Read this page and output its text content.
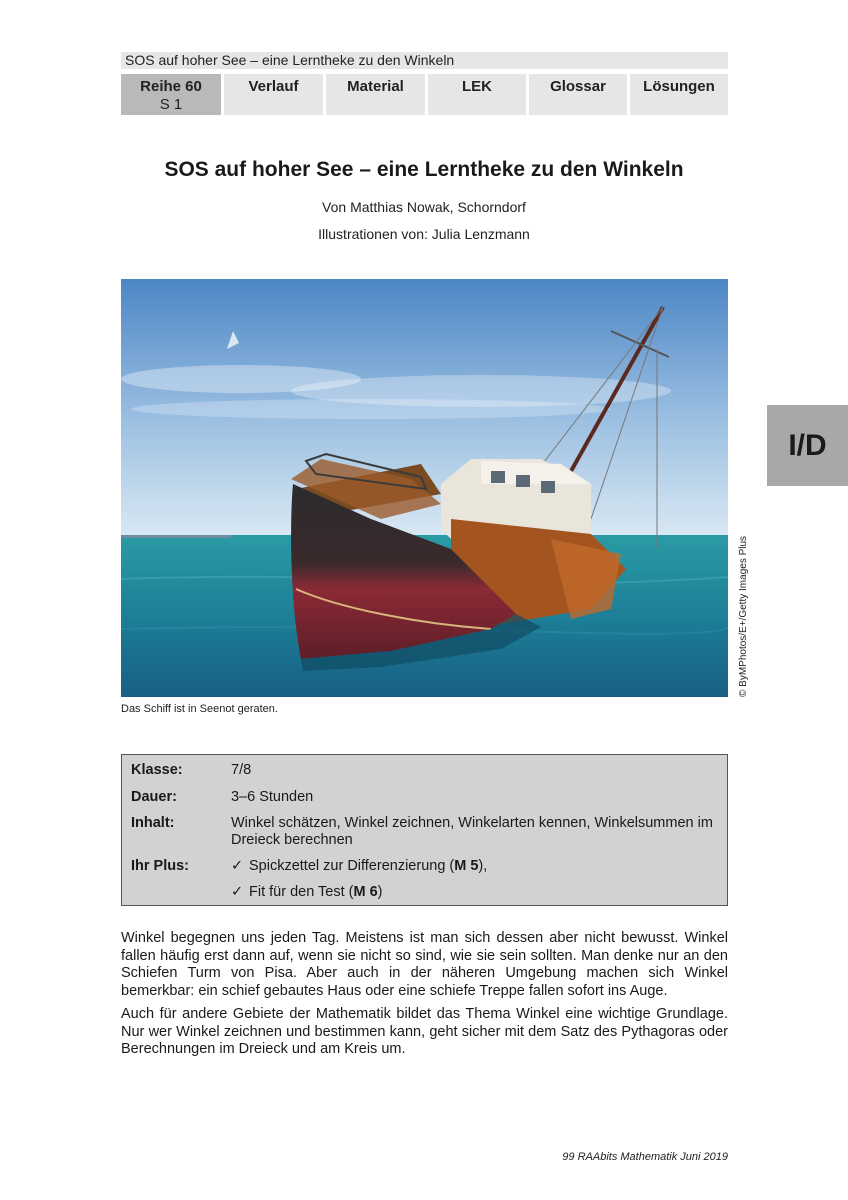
SOS auf hoher See – eine Lerntheke zu den Winkeln
Reihe 60
S 1
Verlauf	Material	LEK	Glossar	Lösungen
SOS auf hoher See – eine Lerntheke zu den Winkeln
Von Matthias Nowak, Schorndorf
Illustrationen von: Julia Lenzmann
© ByMPhotos/E+/Getty Images Plus
Das Schiff ist in Seenot geraten.
I/D
Klasse:	7/8
Dauer:	3–6 Stunden
Inhalt:	Winkel schätzen, Winkel zeichnen, Winkelarten kennen, Winkelsummen im Dreieck berechnen
Ihr Plus:	✓ Spickzettel zur Differenzierung (M 5),
✓ Fit für den Test (M 6)

Winkel begegnen uns jeden Tag. Meistens ist man sich dessen aber nicht bewusst. Winkel fallen häufig erst dann auf, wenn sie nicht so sind, wie sie sein sollten. Man denke nur an den Schiefen Turm von Pisa. Aber auch in der näheren Umgebung machen sich Winkel bemerkbar: ein schief gebautes Haus oder eine schiefe Treppe fallen sofort ins Auge.

Auch für andere Gebiete der Mathematik bildet das Thema Winkel eine wichtige Grundlage. Nur wer Winkel zeichnen und bestimmen kann, geht sicher mit dem Satz des Pythagoras oder Berechnungen im Dreieck und am Kreis um.

99 RAAbits Mathematik Juni 2019
